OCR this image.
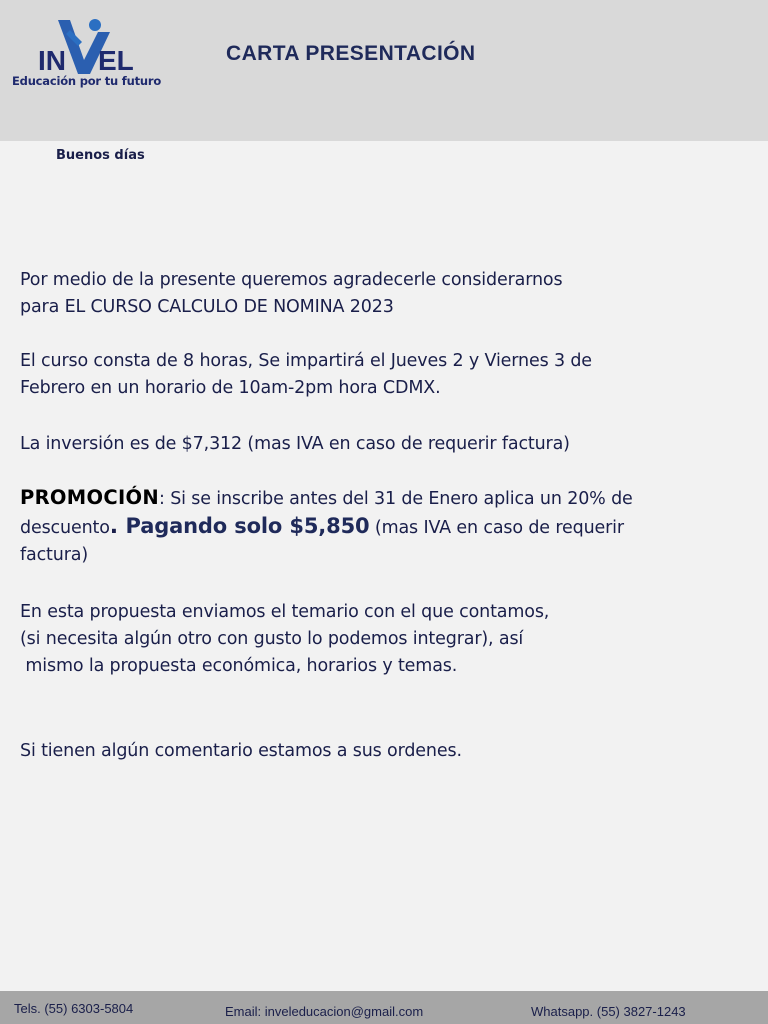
IN EL
Educación por tu futuro
CARTA PRESENTACIÓN
Buenos días
Por medio de la presente queremos agradecerle considerarnos
para EL CURSO CALCULO DE NOMINA 2023
El curso consta de 8 horas, Se impartirá el Jueves 2 y Viernes 3 de
Febrero en un horario de 10am-2pm hora CDMX.
La inversión es de $7,312 (mas IVA en caso de requerir factura)
PROMOCIÓN: Si se inscribe antes del 31 de Enero aplica un 20% de
descuento. Pagando solo $5,850 (mas IVA en caso de requerir
factura)
En esta propuesta enviamos el temario con el que contamos,
(si necesita algún otro con gusto lo podemos integrar), así
mismo la propuesta económica, horarios y temas.
Si tienen algún comentario estamos a sus ordenes.
Tels. (55) 6303-5804	Email: inveleducacion@gmail.com	Whatsapp. (55) 3827-1243
